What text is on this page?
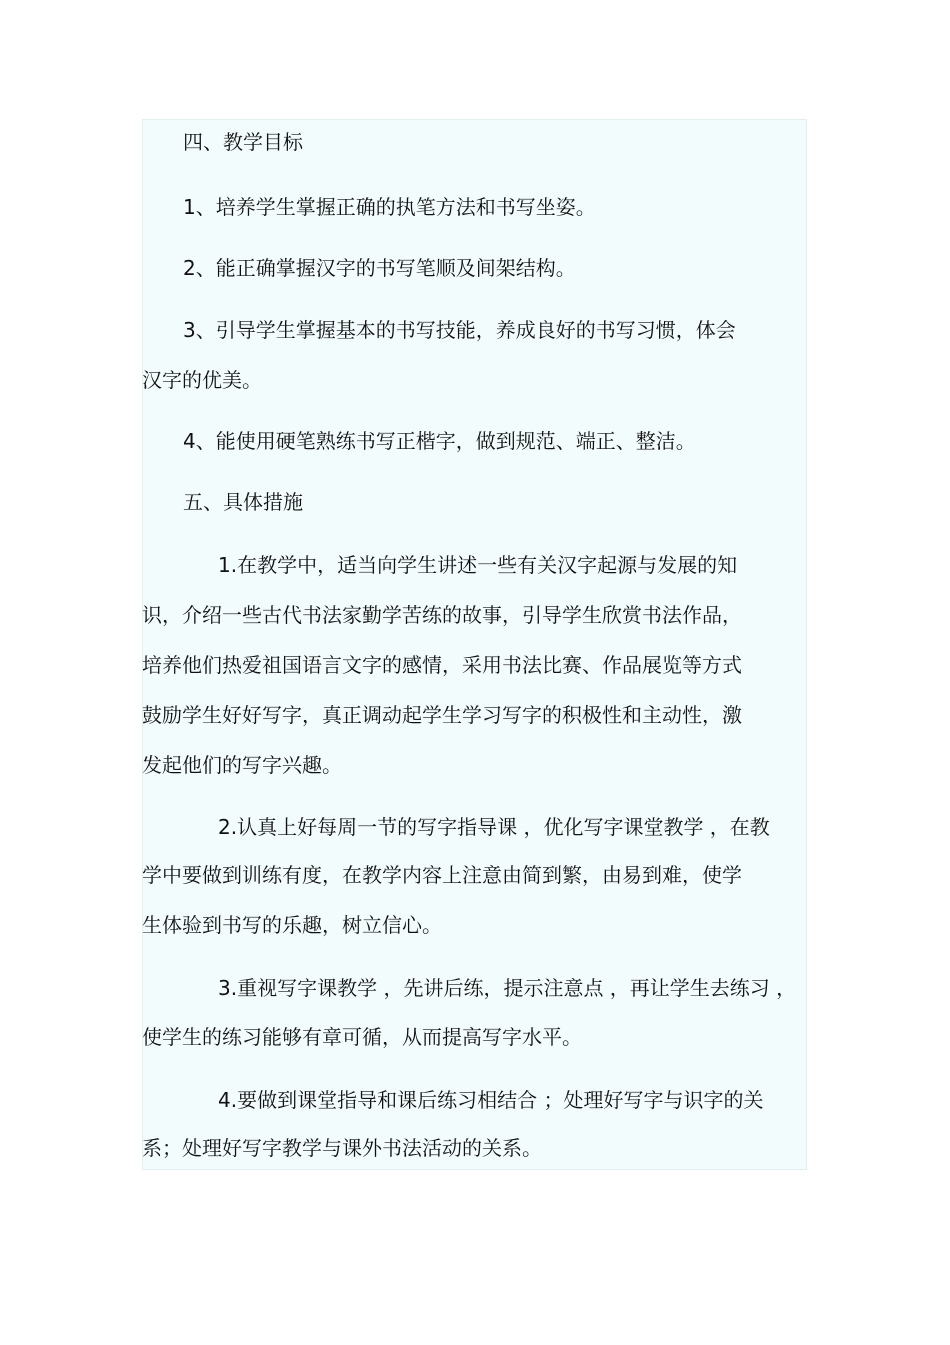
四、教学目标

1、培养学生掌握正确的执笔方法和书写坐姿。

2、能正确掌握汉字的书写笔顺及间架结构。

3、引导学生掌握基本的书写技能，养成良好的书写习惯，体会

汉字的优美。

4、能使用硬笔熟练书写正楷字，做到规范、端正、整洁。

五、具体措施

1.在教学中，适当向学生讲述一些有关汉字起源与发展的知

识，介绍一些古代书法家勤学苦练的故事，引导学生欣赏书法作品，

培养他们热爱祖国语言文字的感情，采用书法比赛、作品展览等方式

鼓励学生好好写字，真正调动起学生学习写字的积极性和主动性，激

发起他们的写字兴趣。

2.认真上好每周一节的写字指导课 ，优化写字课堂教学 ，在教

学中要做到训练有度，在教学内容上注意由简到繁，由易到难，使学

生体验到书写的乐趣，树立信心。

3.重视写字课教学 ，先讲后练，提示注意点 ，再让学生去练习 ，

使学生的练习能够有章可循，从而提高写字水平。

4.要做到课堂指导和课后练习相结合 ；处理好写字与识字的关

系；处理好写字教学与课外书法活动的关系。
